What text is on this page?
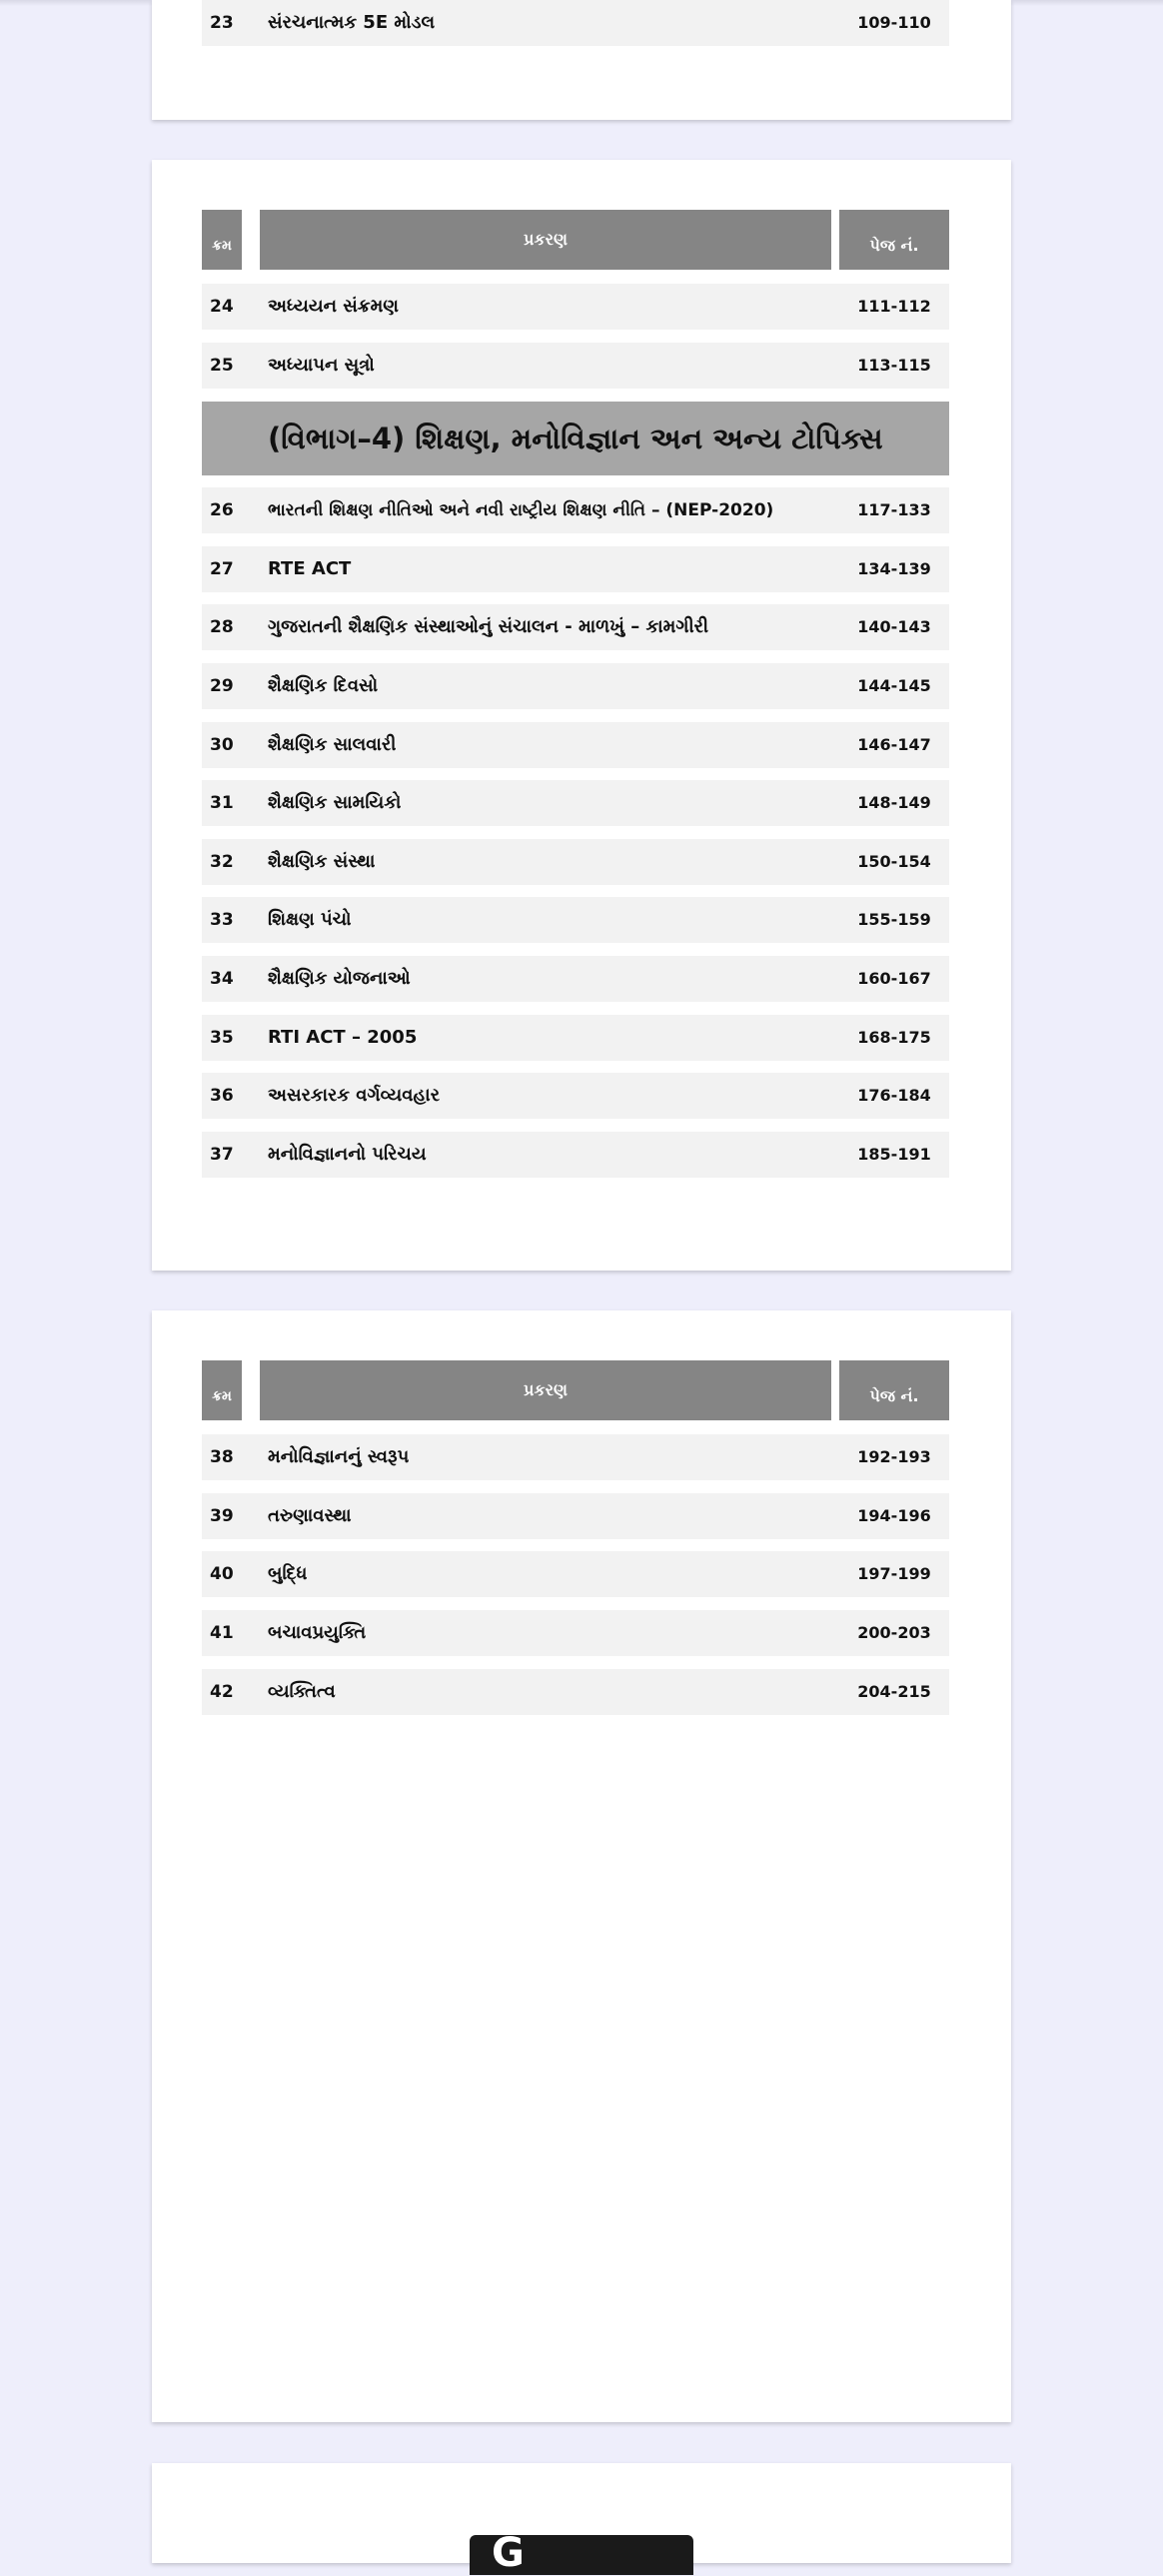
23 સંરચનાત્મક 5E મોડલ	109-110
ક્રમ	પ્રકરણ	પેજ નં.
24 અધ્યયન સંક્રમણ	111-112
25 અધ્યાપન સૂત્રો	113-115
(વિભાગ–4) શિક્ષણ, મનોવિજ્ઞાન અન અન્ય ટોપિક્સ
26 ભારતની શિક્ષણ નીતિઓ અને નવી રાષ્ટ્રીય શિક્ષણ નીતિ – (NEP-2020)	117-133
27 RTE ACT	134-139
28 ગુજરાતની શૈક્ષણિક સંસ્થાઓનું સંચાલન - માળખું – કામગીરી	140-143
29 શૈક્ષણિક દિવસો	144-145
30 શૈક્ષણિક સાલવારી	146-147
31 શૈક્ષણિક સામયિકો	148-149
32 શૈક્ષણિક સંસ્થા	150-154
33 શિક્ષણ પંચો	155-159
34 શૈક્ષણિક યોજનાઓ	160-167
35 RTI ACT – 2005	168-175
36 અસરકારક વર્ગવ્યવહાર	176-184
37 મનોવિજ્ઞાનનો પરિચય	185-191
ક્રમ	પ્રકરણ	પેજ નં.
38 મનોવિજ્ઞાનનું સ્વરૂપ	192-193
39 તરુણાવસ્થા	194-196
40 બુદ્ધિ	197-199
41 બચાવપ્રયુક્તિ	200-203
42 વ્યક્તિત્વ	204-215
G
